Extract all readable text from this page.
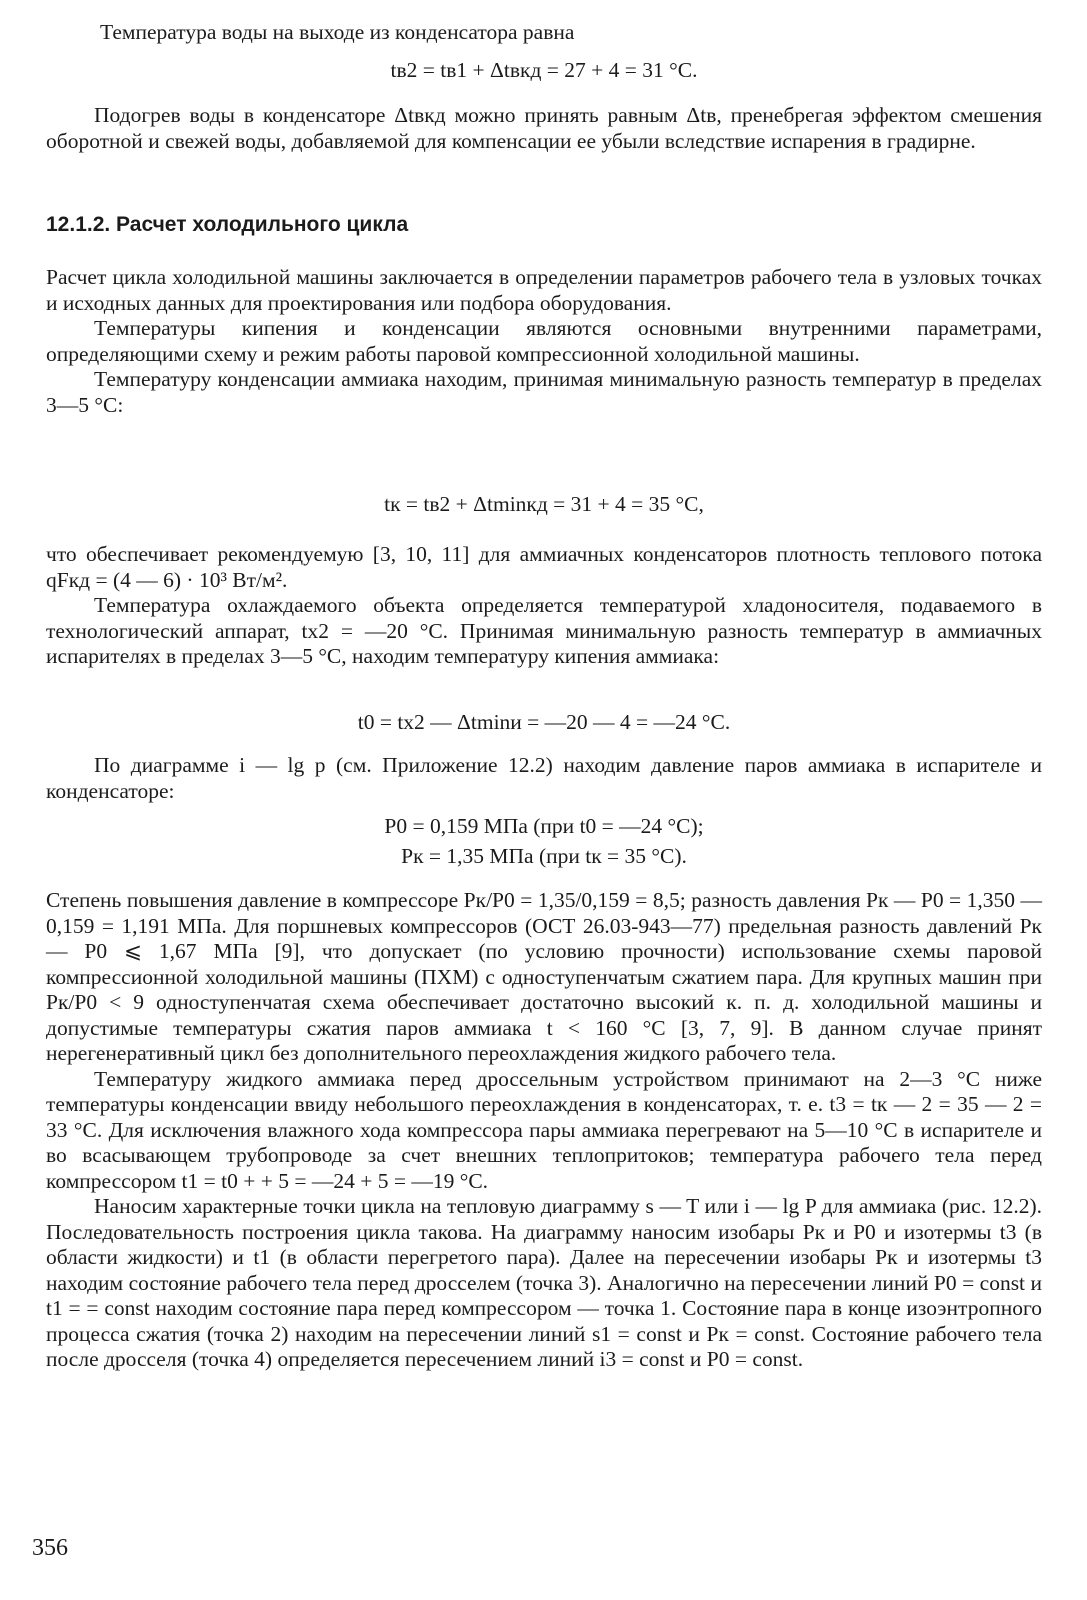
Температура воды на выходе из конденсатора равна

tв2 = tв1 + Δtвкд = 27 + 4 = 31 °С.

Подогрев воды в конденсаторе Δtвкд можно принять равным Δtв, пренебрегая эффектом смешения оборотной и свежей воды, добавляемой для компенсации ее убыли вследствие испарения в градирне.

12.1.2. Расчет холодильного цикла

Расчет цикла холодильной машины заключается в определении параметров рабочего тела в узловых точках и исходных данных для проектирования или подбора оборудования.

Температуры кипения и конденсации являются основными внутренними параметрами, определяющими схему и режим работы паровой компрессионной холодильной машины.

Температуру конденсации аммиака находим, принимая минимальную разность температур в пределах 3—5 °С:

tк = tв2 + Δtminкд = 31 + 4 = 35 °С,

что обеспечивает рекомендуемую [3, 10, 11] для аммиачных конденсаторов плотность теплового потока qFкд = (4 — 6) · 10³ Вт/м².

Температура охлаждаемого объекта определяется температурой хладоносителя, подаваемого в технологический аппарат, tх2 = —20 °С. Принимая минимальную разность температур в аммиачных испарителях в пределах 3—5 °С, находим температуру кипения аммиака:

t0 = tх2 — Δtminи = —20 — 4 = —24 °С.

По диаграмме i — lg p (см. Приложение 12.2) находим давление паров аммиака в испарителе и конденсаторе:

P0 = 0,159 МПа (при t0 = —24 °С);

Pк = 1,35 МПа (при tк = 35 °С).

Степень повышения давление в компрессоре Pк/P0 = 1,35/0,159 = 8,5; разность давления Pк — P0 = 1,350 — 0,159 = 1,191 МПа. Для поршневых компрессоров (ОСТ 26.03-943—77) предельная разность давлений Pк — P0 ⩽ 1,67 МПа [9], что допускает (по условию прочности) использование схемы паровой компрессионной холодильной машины (ПХМ) с одноступенчатым сжатием пара. Для крупных машин при Pк/P0 < 9 одноступенчатая схема обеспечивает достаточно высокий к. п. д. холодильной машины и допустимые температуры сжатия паров аммиака t < 160 °С [3, 7, 9]. В данном случае принят нерегенеративный цикл без дополнительного переохлаждения жидкого рабочего тела.

Температуру жидкого аммиака перед дроссельным устройством принимают на 2—3 °С ниже температуры конденсации ввиду небольшого переохлаждения в конденсаторах, т. е. t3 = tк — 2 = 35 — 2 = 33 °С. Для исключения влажного хода компрессора пары аммиака перегревают на 5—10 °С в испарителе и во всасывающем трубопроводе за счет внешних теплопритоков; температура рабочего тела перед компрессором t1 = t0 + + 5 = —24 + 5 = —19 °С.

Наносим характерные точки цикла на тепловую диаграмму s — T или i — lg P для аммиака (рис. 12.2). Последовательность построения цикла такова. На диаграмму наносим изобары Pк и P0 и изотермы t3 (в области жидкости) и t1 (в области перегретого пара). Далее на пересечении изобары Pк и изотермы t3 находим состояние рабочего тела перед дросселем (точка 3). Аналогично на пересечении линий P0 = const и t1 = = const находим состояние пара перед компрессором — точка 1. Состояние пара в конце изоэнтропного процесса сжатия (точка 2) находим на пересечении линий s1 = const и Pк = const. Состояние рабочего тела после дросселя (точка 4) определяется пересечением линий i3 = const и P0 = const.

356
